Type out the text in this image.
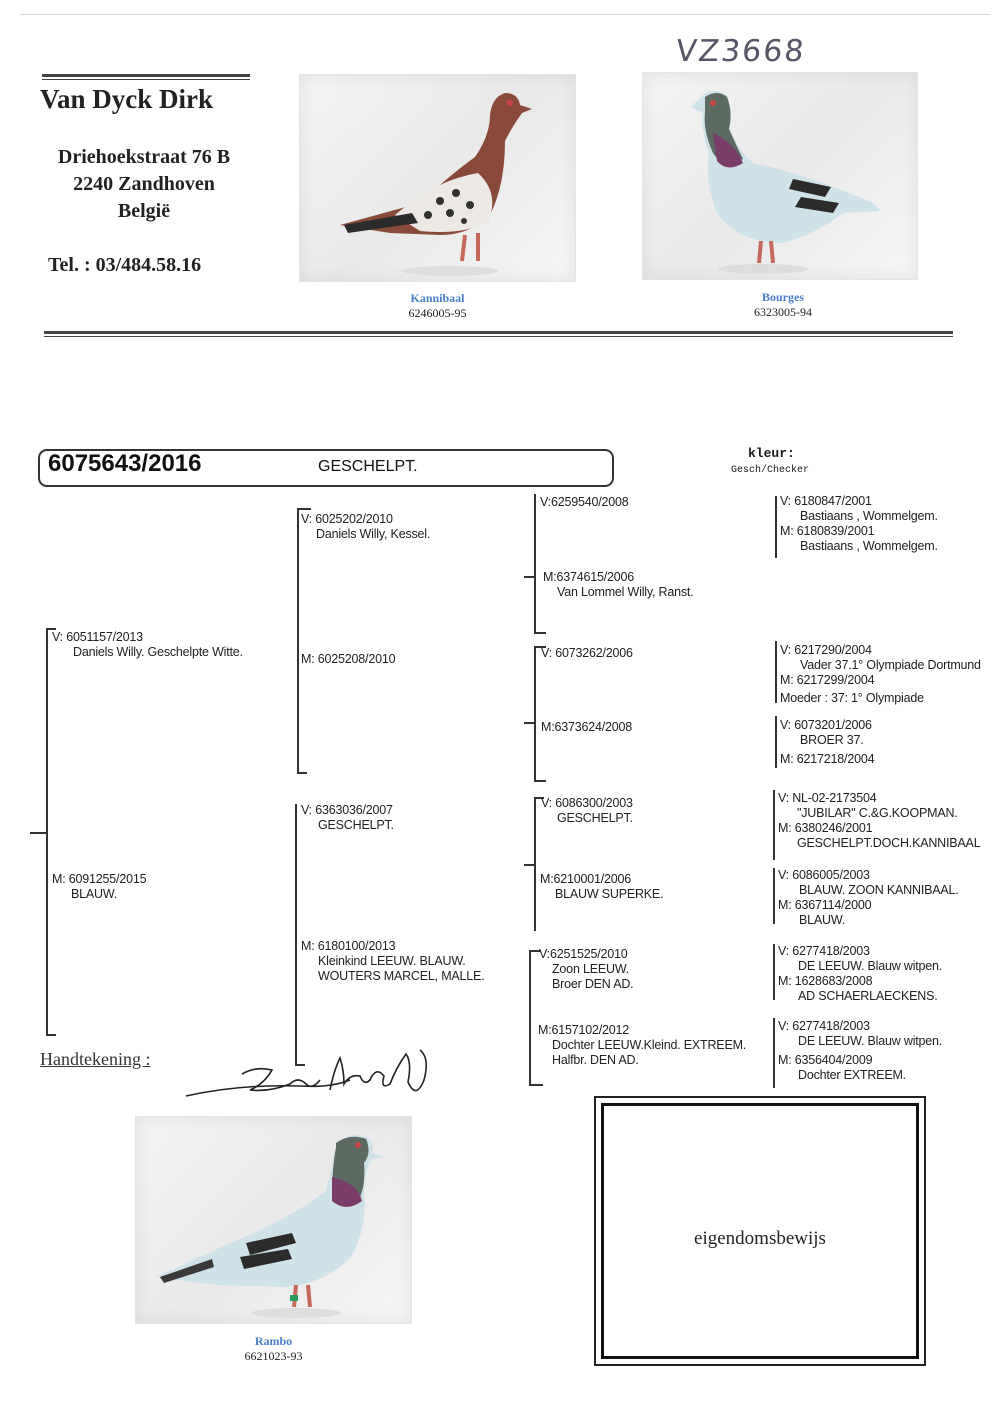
VZ3668
Van Dyck Dirk
Driehoekstraat 76 B
2240 Zandhoven
België
Tel. : 03/484.58.16
Kannibaal
6246005-95
Bourges
6323005-94
6075643/2016	GESCHELPT.
kleur:
Gesch/Checker
V: 6051157/2013
Daniels Willy. Geschelpte Witte.
M: 6091255/2015
BLAUW.
V: 6025202/2010
Daniels Willy, Kessel.
M: 6025208/2010
V: 6363036/2007
GESCHELPT.
M: 6180100/2013
Kleinkind LEEUW. BLAUW.
WOUTERS MARCEL, MALLE.
V:6259540/2008
M:6374615/2006
Van Lommel Willy, Ranst.
V: 6073262/2006
M:6373624/2008
V: 6086300/2003
GESCHELPT.
M:6210001/2006
BLAUW SUPERKE.
V:6251525/2010
Zoon LEEUW.
Broer DEN AD.
M:6157102/2012
Dochter LEEUW.Kleind. EXTREEM.
Halfbr. DEN AD.
V: 6180847/2001
Bastiaans , Wommelgem.
M: 6180839/2001
Bastiaans , Wommelgem.
V: 6217290/2004
Vader 37.1° Olympiade Dortmund
M: 6217299/2004
Moeder : 37: 1° Olympiade
V: 6073201/2006
BROER 37.
M: 6217218/2004
V: NL-02-2173504
"JUBILAR" C.&G.KOOPMAN.
M: 6380246/2001
GESCHELPT.DOCH.KANNIBAAL
V: 6086005/2003
BLAUW. ZOON KANNIBAAL.
M: 6367114/2000
BLAUW.
V: 6277418/2003
DE LEEUW. Blauw witpen.
M: 1628683/2008
AD SCHAERLAECKENS.
V: 6277418/2003
DE LEEUW. Blauw witpen.
M: 6356404/2009
Dochter EXTREEM.
Handtekening :
Rambo
6621023-93
eigendomsbewijs
